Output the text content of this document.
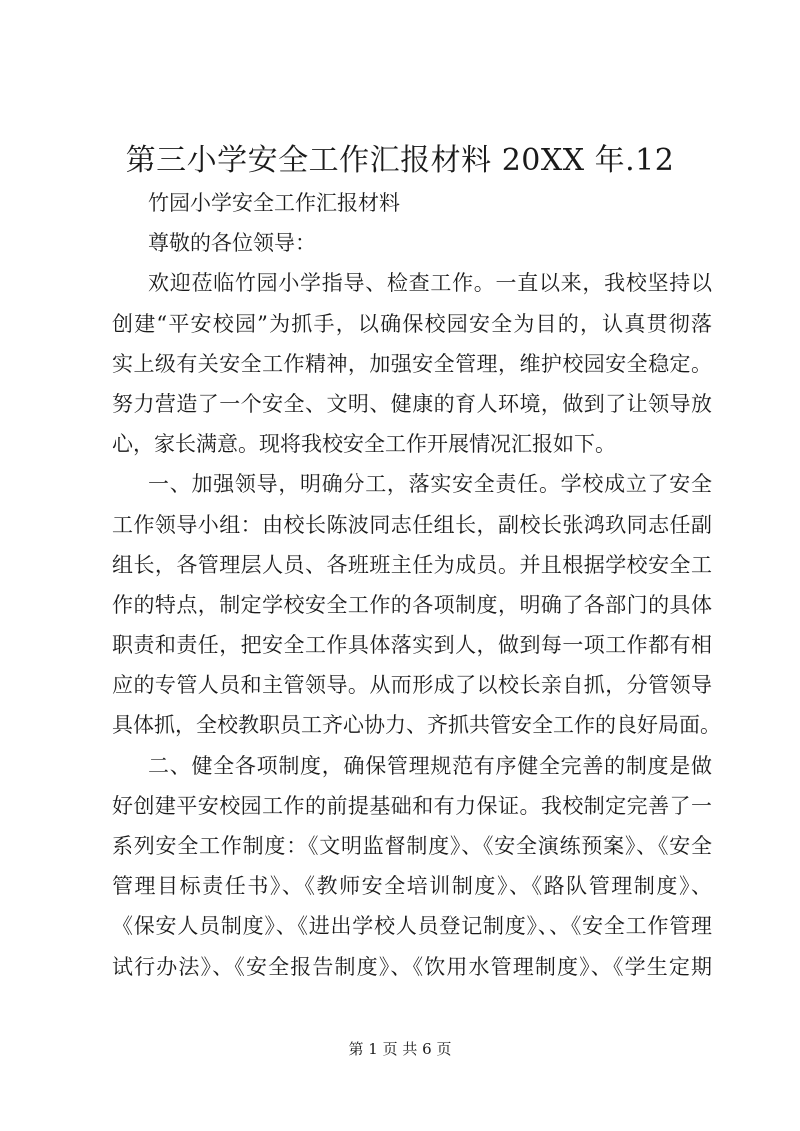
第三小学安全工作汇报材料 20XX 年.12
竹园小学安全工作汇报材料
尊敬的各位领导：
欢迎莅临竹园小学指导、检查工作。一直以来，我校坚持以
创建“平安校园”为抓手，以确保校园安全为目的，认真贯彻落
实上级有关安全工作精神，加强安全管理，维护校园安全稳定。
努力营造了一个安全、文明、健康的育人环境，做到了让领导放
心，家长满意。现将我校安全工作开展情况汇报如下。
一、加强领导，明确分工，落实安全责任。学校成立了安全
工作领导小组：由校长陈波同志任组长，副校长张鸿玖同志任副
组长，各管理层人员、各班班主任为成员。并且根据学校安全工
作的特点，制定学校安全工作的各项制度，明确了各部门的具体
职责和责任，把安全工作具体落实到人，做到每一项工作都有相
应的专管人员和主管领导。从而形成了以校长亲自抓，分管领导
具体抓，全校教职员工齐心协力、齐抓共管安全工作的良好局面。
二、健全各项制度，确保管理规范有序健全完善的制度是做
好创建平安校园工作的前提基础和有力保证。我校制定完善了一
系列安全工作制度：《文明监督制度》、《安全演练预案》、《安全
管理目标责任书》、《教师安全培训制度》、《路队管理制度》、
《保安人员制度》、《进出学校人员登记制度》、、《安全工作管理
试行办法》、《安全报告制度》、《饮用水管理制度》、《学生定期
第 1 页 共 6 页
